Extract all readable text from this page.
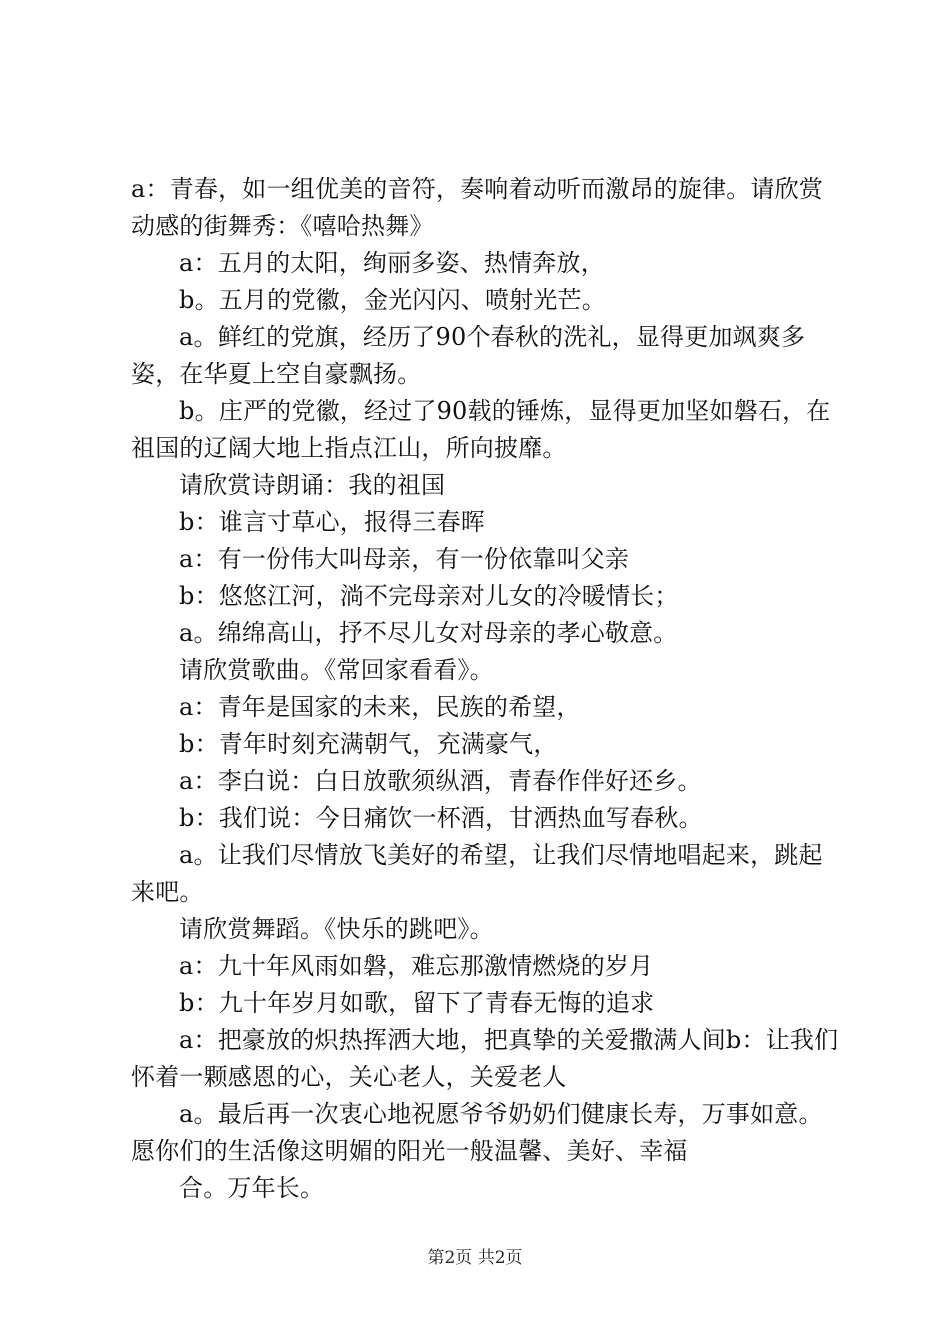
a：青春，如一组优美的音符，奏响着动听而激昂的旋律。请欣赏动感的街舞秀：《嘻哈热舞》

a：五月的太阳，绚丽多姿、热情奔放，

b。五月的党徽，金光闪闪、喷射光芒。

a。鲜红的党旗，经历了90个春秋的洗礼，显得更加飒爽多姿，在华夏上空自豪飘扬。

b。庄严的党徽，经过了90载的锤炼，显得更加坚如磐石，在祖国的辽阔大地上指点江山，所向披靡。

请欣赏诗朗诵：我的祖国

b：谁言寸草心，报得三春晖

a：有一份伟大叫母亲，有一份依靠叫父亲

b：悠悠江河，淌不完母亲对儿女的冷暖情长；

a。绵绵高山，抒不尽儿女对母亲的孝心敬意。

请欣赏歌曲。《常回家看看》。

a：青年是国家的未来，民族的希望，

b：青年时刻充满朝气，充满豪气，

a：李白说：白日放歌须纵酒，青春作伴好还乡。

b：我们说：今日痛饮一杯酒，甘洒热血写春秋。

a。让我们尽情放飞美好的希望，让我们尽情地唱起来，跳起来吧。

请欣赏舞蹈。《快乐的跳吧》。

a：九十年风雨如磐，难忘那激情燃烧的岁月

b：九十年岁月如歌，留下了青春无悔的追求

a：把豪放的炽热挥洒大地，把真挚的关爱撒满人间b：让我们怀着一颗感恩的心，关心老人，关爱老人

a。最后再一次衷心地祝愿爷爷奶奶们健康长寿，万事如意。愿你们的生活像这明媚的阳光一般温馨、美好、幸福

合。万年长。

第2页 共2页
